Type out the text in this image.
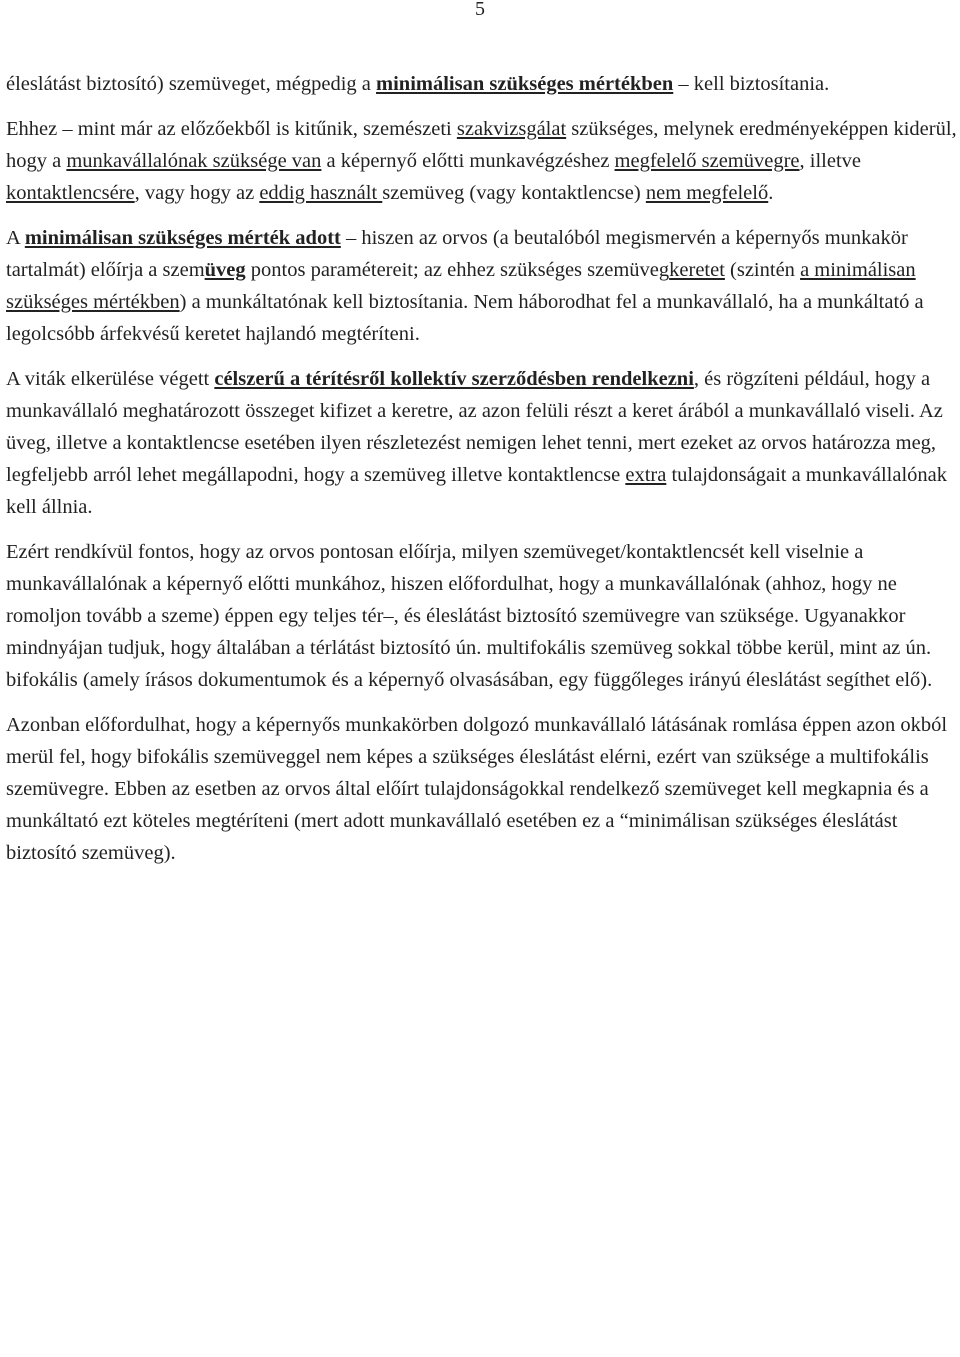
5

éleslátást biztosító) szemüveget, mégpedig a minimálisan szükséges mértékben – kell biztosítania.

Ehhez – mint már az előzőekből is kitűnik, szemészeti szakvizsgálat szükséges, melynek eredményeképpen kiderül, hogy a munkavállalónak szüksége van a képernyő előtti munkavégzéshez megfelelő szemüvegre, illetve kontaktlencsére, vagy hogy az eddig használt szemüveg (vagy kontaktlencse) nem megfelelő.

A minimálisan szükséges mérték adott – hiszen az orvos (a beutalóból megismervén a képernyős munkakör tartalmát) előírja a szemüveg pontos paramétereit; az ehhez szükséges szemüvegkeretet (szintén a minimálisan szükséges mértékben) a munkáltatónak kell biztosítania. Nem háborodhat fel a munkavállaló, ha a munkáltató a legolcsóbb árfekvésű keretet hajlandó megtéríteni.

A viták elkerülése végett célszerű a térítésről kollektív szerződésben rendelkezni, és rögzíteni például, hogy a munkavállaló meghatározott összeget kifizet a keretre, az azon felüli részt a keret árából a munkavállaló viseli. Az üveg, illetve a kontaktlencse esetében ilyen részletezést nemigen lehet tenni, mert ezeket az orvos határozza meg, legfeljebb arról lehet megállapodni, hogy a szemüveg illetve kontaktlencse extra tulajdonságait a munkavállalónak kell állnia.

Ezért rendkívül fontos, hogy az orvos pontosan előírja, milyen szemüveget/kontaktlencsét kell viselnie a munkavállalónak a képernyő előtti munkához, hiszen előfordulhat, hogy a munkavállalónak (ahhoz, hogy ne romoljon tovább a szeme) éppen egy teljes tér–, és éleslátást biztosító szemüvegre van szüksége. Ugyanakkor mindnyájan tudjuk, hogy általában a térlátást biztosító ún. multifokális szemüveg sokkal többe kerül, mint az ún. bifokális (amely írásos dokumentumok és a képernyő olvasásában, egy függőleges irányú éleslátást segíthet elő).

Azonban előfordulhat, hogy a képernyős munkakörben dolgozó munkavállaló látásának romlása éppen azon okból merül fel, hogy bifokális szemüveggel nem képes a szükséges éleslátást elérni, ezért van szüksége a multifokális szemüvegre. Ebben az esetben az orvos által előírt tulajdonságokkal rendelkező szemüveget kell megkapnia és a munkáltató ezt köteles megtéríteni (mert adott munkavállaló esetében ez a “minimálisan szükséges éleslátást biztosító szemüveg).
